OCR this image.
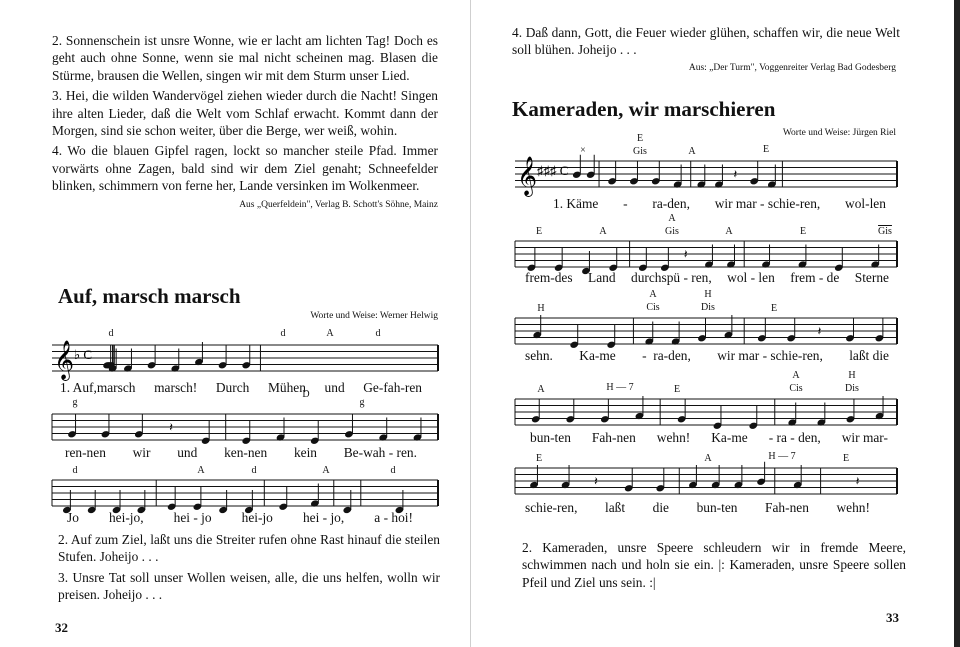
2. Sonnenschein ist unsre Wonne, wie er lacht am lichten Tag! Doch es geht auch ohne Sonne, wenn sie mal nicht scheinen mag. Blasen die Stürme, brausen die Wellen, singen wir mit dem Sturm unser Lied.
3. Hei, die wilden Wandervögel ziehen wieder durch die Nacht! Singen ihre alten Lieder, daß die Welt vom Schlaf erwacht. Kommt dann der Morgen, sind sie schon weiter, über die Berge, wer weiß, wohin.
4. Wo die blauen Gipfel ragen, lockt so mancher steile Pfad. Immer vorwärts ohne Zagen, bald sind wir dem Ziel genaht; Schneefelder blinken, schimmern von ferne her, Lande versinken im Wolkenmeer.
Aus „Querfeldein", Verlag B. Schott's Söhne, Mainz
Auf, marsch marsch
Worte und Weise: Werner Helwig
𝄞 ♭ C
d	d	A	d
1. Auf,marsch marsch! Durch Mühen und Ge-fah-ren
𝄽
g
D
g
ren-nen wir und ken-nen kein Be-wah - ren.
d	A	d	A	d
Jo hei-jo, hei - jo hei-jo hei - jo, a - hoi!
2. Auf zum Ziel, laßt uns die Streiter rufen ohne Rast hinauf die steilen Stufen. Joheijo . . .
3. Unsre Tat soll unser Wollen weisen, alle, die uns helfen, wolln wir preisen. Joheijo . . .
32
4. Daß dann, Gott, die Feuer wieder glühen, schaffen wir, die neue Welt soll blühen. Joheijo . . .
Aus: „Der Turm", Voggenreiter Verlag Bad Godesberg
Kameraden, wir marschieren
Worte und Weise: Jürgen Riel
𝄞 ♯♯♯ C	𝄽
×
E
Gis	A	E
1. Käme - ra-den, wir mar - schie-ren, wol-len
𝄽
E	A
A
Gis	A	E	$\overline{Gis}$
frem-des Land durchspü - ren, wol - len frem - de Sterne
𝄽
H
A
Cis
H
Dis	E
sehn. Ka-me -  ra-den, wir mar - schie-ren, laßt die
A	H — 7	E
A
Cis
H
Dis
bun-ten Fah-nen wehn! Ka-me - ra - den, wir mar-
𝄽	𝄽
E	A	H — 7	E
schie-ren, laßt die bun-ten Fah-nen wehn!
2. Kameraden, unsre Speere schleudern wir in fremde Meere, schwimmen nach und holn sie ein. |: Kameraden, unsre Speere sollen Pfeil und Ziel uns sein. :|
33
